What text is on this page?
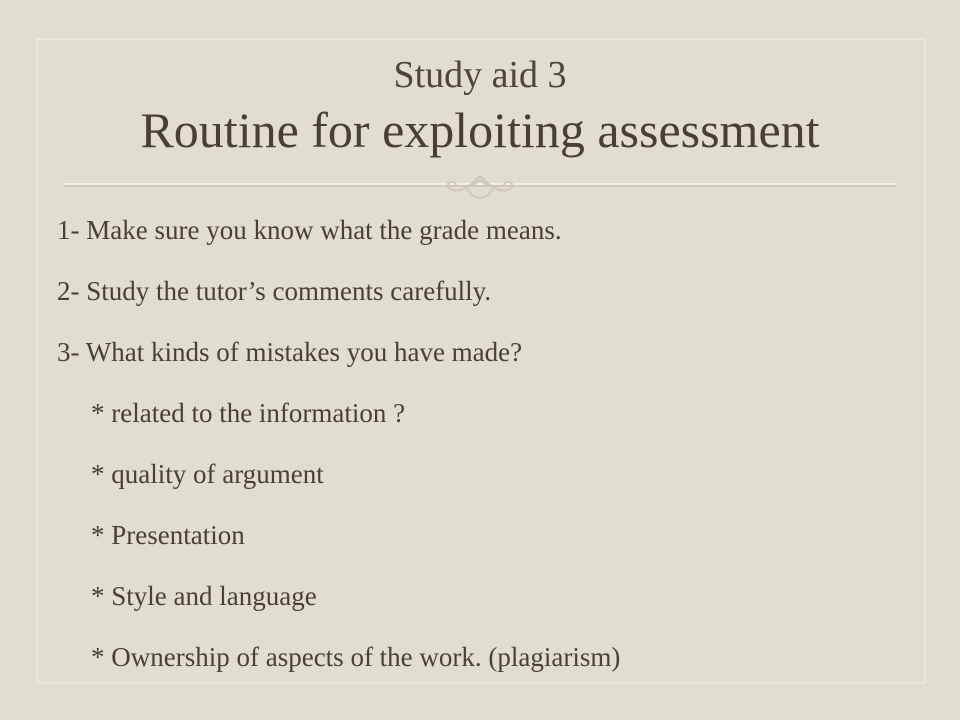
Study aid 3
Routine for exploiting assessment
1- Make sure you know what the grade means.
2- Study the tutor’s comments carefully.
3- What kinds of mistakes you have made?
* related to the information ?
* quality of argument
* Presentation
* Style and language
* Ownership of aspects of the work. (plagiarism)
